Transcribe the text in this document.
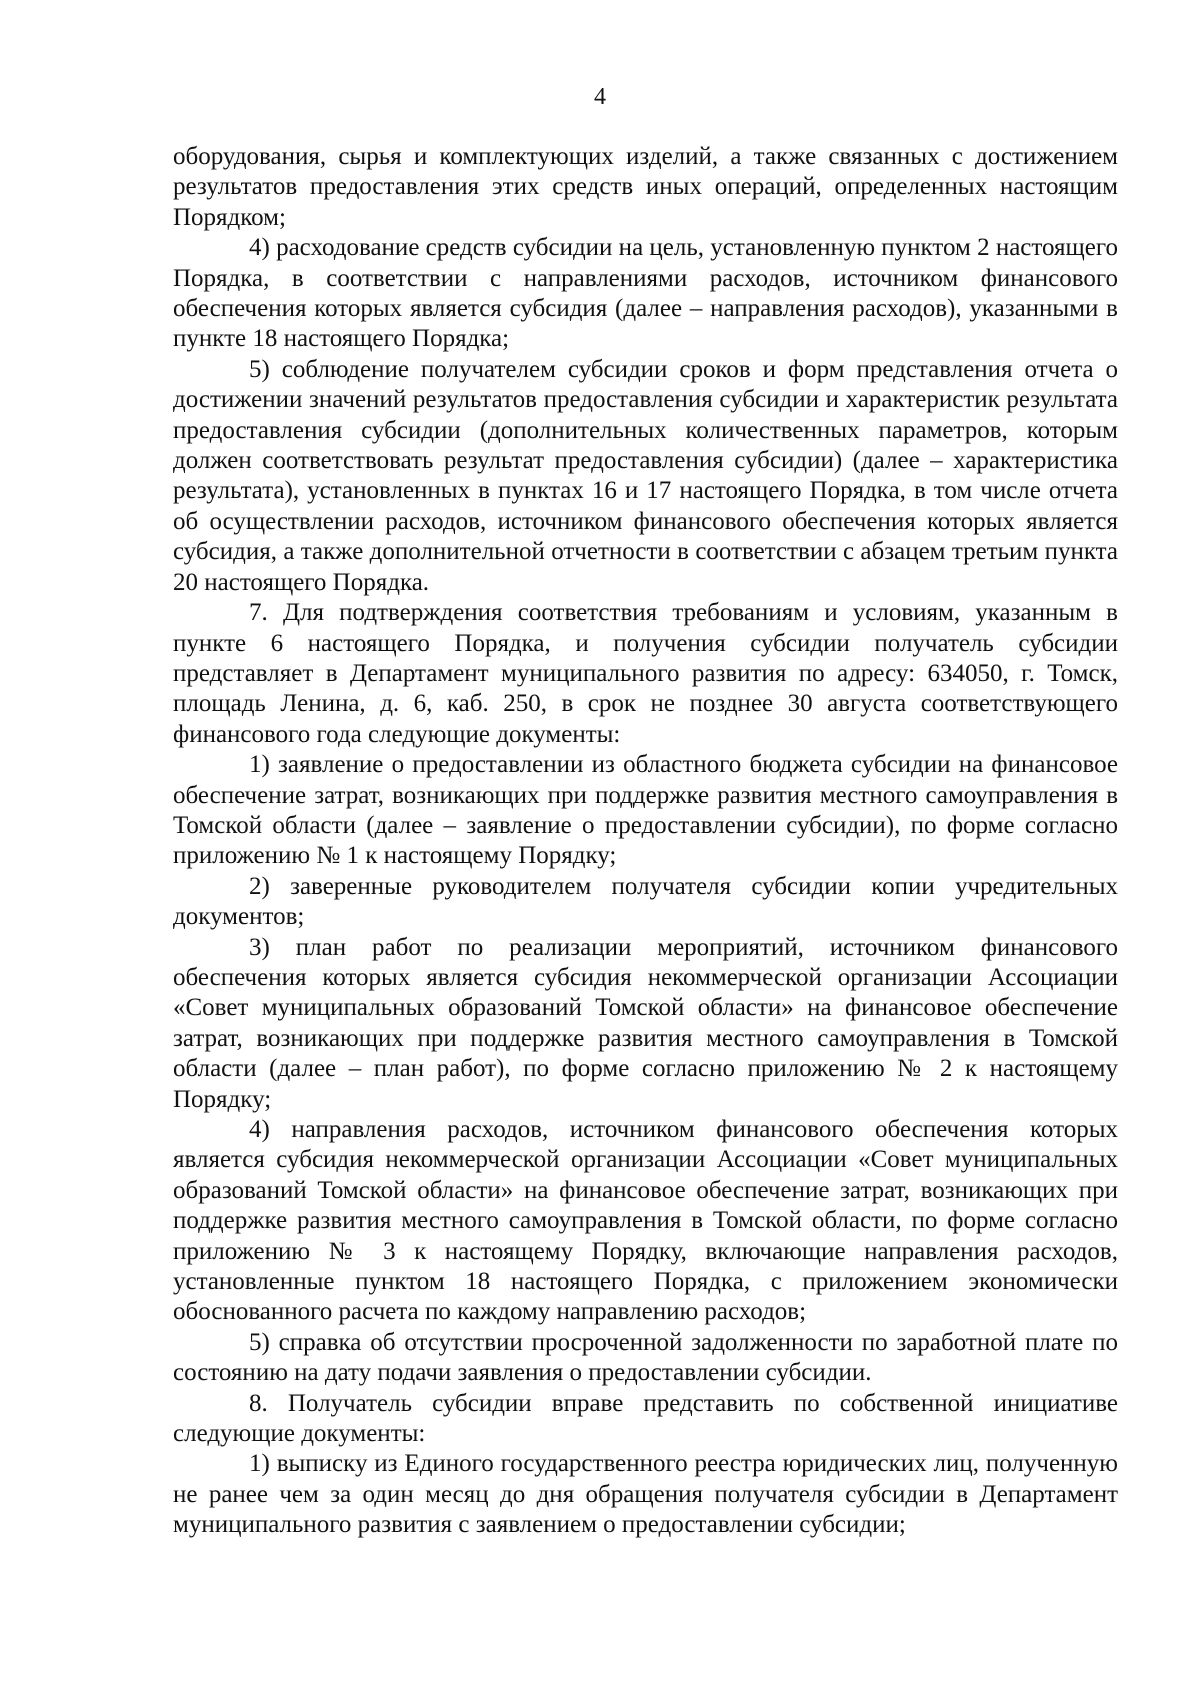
4

оборудования, сырья и комплектующих изделий, а также связанных с достижением результатов предоставления этих средств иных операций, определенных настоящим Порядком;

4) расходование средств субсидии на цель, установленную пунктом 2 настоящего Порядка, в соответствии с направлениями расходов, источником финансового обеспечения которых является субсидия (далее – направления расходов), указанными в пункте 18 настоящего Порядка;

5) соблюдение получателем субсидии сроков и форм представления отчета о достижении значений результатов предоставления субсидии и характеристик результата предоставления субсидии (дополнительных количественных параметров, которым должен соответствовать результат предоставления субсидии) (далее – характеристика результата), установленных в пунктах 16 и 17 настоящего Порядка, в том числе отчета об осуществлении расходов, источником финансового обеспечения которых является субсидия, а также дополнительной отчетности в соответствии с абзацем третьим пункта 20 настоящего Порядка.

7. Для подтверждения соответствия требованиям и условиям, указанным в пункте 6 настоящего Порядка, и получения субсидии получатель субсидии представляет в Департамент муниципального развития по адресу: 634050, г. Томск, площадь Ленина, д. 6, каб. 250, в срок не позднее 30 августа соответствующего финансового года следующие документы:

1) заявление о предоставлении из областного бюджета субсидии на финансовое обеспечение затрат, возникающих при поддержке развития местного самоуправления в Томской области (далее – заявление о предоставлении субсидии), по форме согласно приложению № 1 к настоящему Порядку;

2) заверенные руководителем получателя субсидии копии учредительных документов;

3) план работ по реализации мероприятий, источником финансового обеспечения которых является субсидия некоммерческой организации Ассоциации «Совет муниципальных образований Томской области» на финансовое обеспечение затрат, возникающих при поддержке развития местного самоуправления в Томской области (далее – план работ), по форме согласно приложению № 2 к настоящему Порядку;

4) направления расходов, источником финансового обеспечения которых является субсидия некоммерческой организации Ассоциации «Совет муниципальных образований Томской области» на финансовое обеспечение затрат, возникающих при поддержке развития местного самоуправления в Томской области, по форме согласно приложению № 3 к настоящему Порядку, включающие направления расходов, установленные пунктом 18 настоящего Порядка, с приложением экономически обоснованного расчета по каждому направлению расходов;

5) справка об отсутствии просроченной задолженности по заработной плате по состоянию на дату подачи заявления о предоставлении субсидии.

8. Получатель субсидии вправе представить по собственной инициативе следующие документы:

1) выписку из Единого государственного реестра юридических лиц, полученную не ранее чем за один месяц до дня обращения получателя субсидии в Департамент муниципального развития с заявлением о предоставлении субсидии;
